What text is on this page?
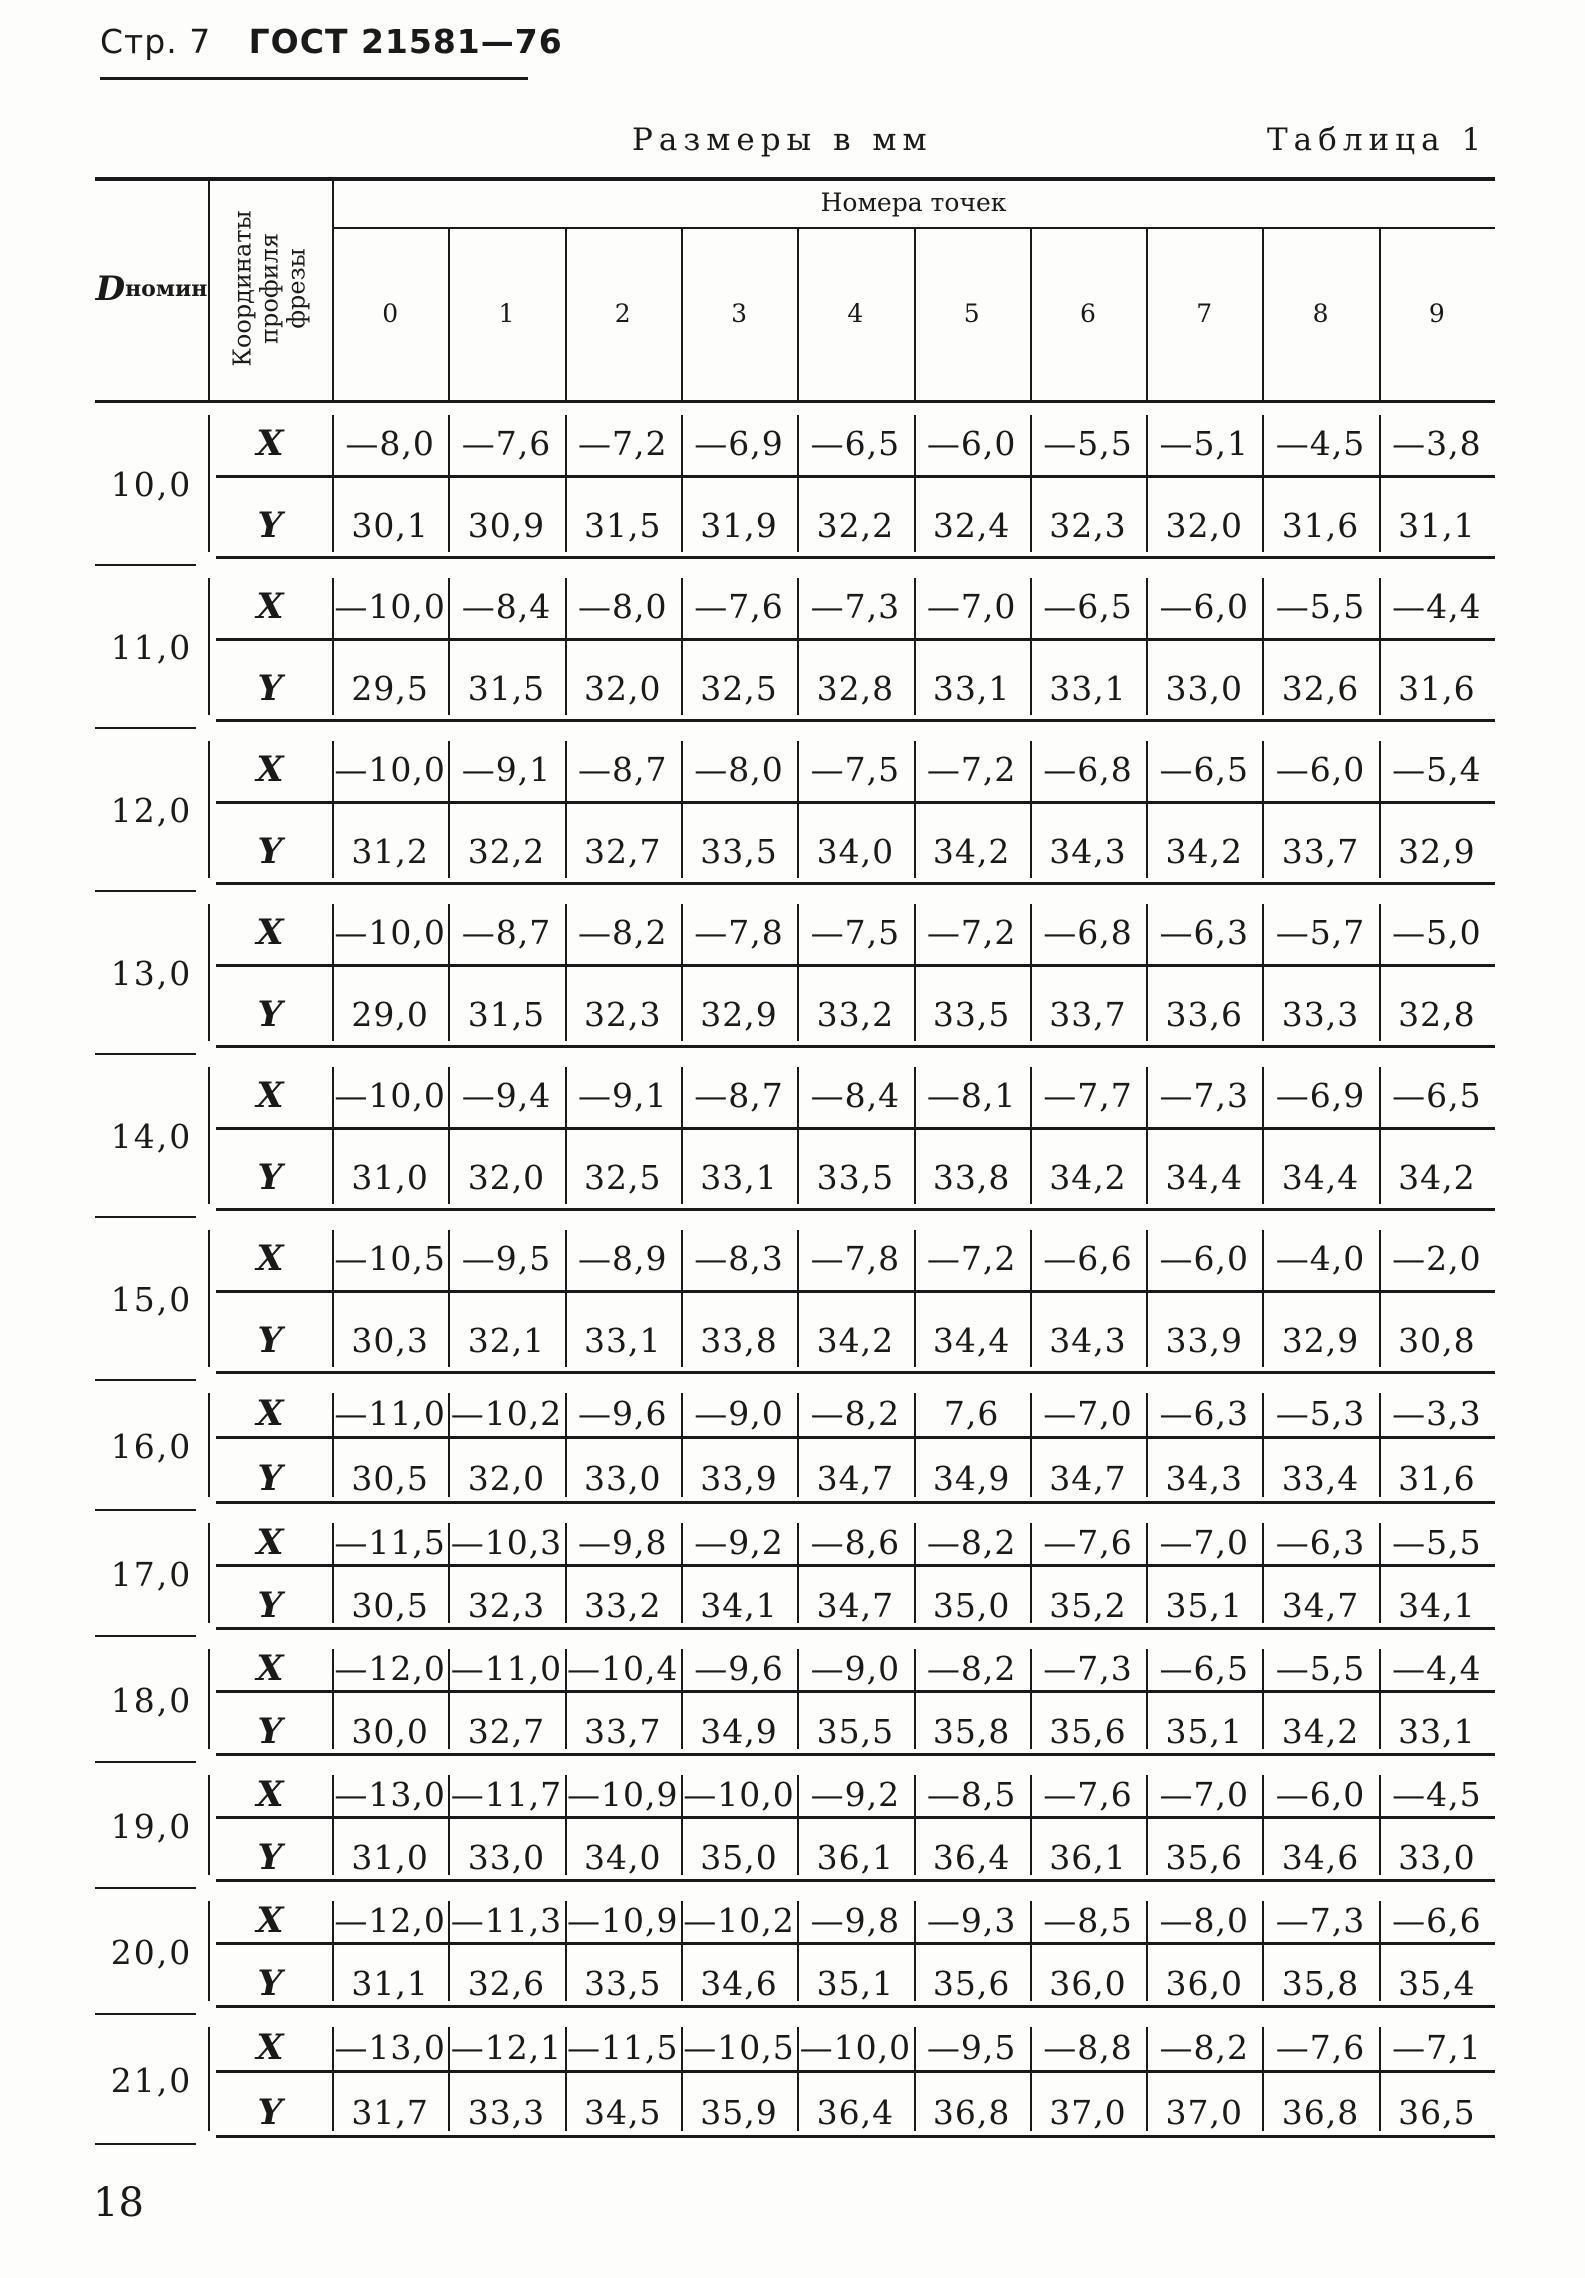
Стр. 7 ГОСТ 21581—76
Размеры в мм	Таблица 1
D номин Координаты профиля фрезы
Номера точек
0	1	2	3	4	5	6	7	8	9
10,0
X	—8,0 —7,6 —7,2 —6,9 —6,5 —6,0 —5,5 —5,1 —4,5 —3,8
Y	30,1	30,9	31,5	31,9	32,2	32,4	32,3	32,0	31,6	31,1
11,0
X	—10,0 —8,4 —8,0 —7,6 —7,3 —7,0 —6,5 —6,0 —5,5 —4,4
Y	29,5	31,5	32,0	32,5	32,8	33,1	33,1	33,0	32,6	31,6
12,0
X	—10,0 —9,1 —8,7 —8,0 —7,5 —7,2 —6,8 —6,5 —6,0 —5,4
Y	31,2	32,2	32,7	33,5	34,0	34,2	34,3	34,2	33,7	32,9
13,0
X	—10,0 —8,7 —8,2 —7,8 —7,5 —7,2 —6,8 —6,3 —5,7 —5,0
Y	29,0	31,5	32,3	32,9	33,2	33,5	33,7	33,6	33,3	32,8
14,0
X	—10,0 —9,4 —9,1 —8,7 —8,4 —8,1 —7,7 —7,3 —6,9 —6,5
Y	31,0	32,0	32,5	33,1	33,5	33,8	34,2	34,4	34,4	34,2
15,0
X	—10,5 —9,5 —8,9 —8,3 —7,8 —7,2 —6,6 —6,0 —4,0 —2,0
Y	30,3	32,1	33,1	33,8	34,2	34,4	34,3	33,9	32,9	30,8
16,0
X	—11,0 —10,2 —9,6 —9,0 —8,2	7,6	—7,0 —6,3 —5,3 —3,3
Y	30,5	32,0	33,0	33,9	34,7	34,9	34,7	34,3	33,4	31,6
17,0
X	—11,5 —10,3 —9,8 —9,2 —8,6 —8,2 —7,6 —7,0 —6,3 —5,5
Y	30,5	32,3	33,2	34,1	34,7	35,0	35,2	35,1	34,7	34,1
18,0
X	—12,0 —11,0 —10,4 —9,6 —9,0 —8,2 —7,3 —6,5 —5,5 —4,4
Y	30,0	32,7	33,7	34,9	35,5	35,8	35,6	35,1	34,2	33,1
19,0
X	—13,0 —11,7 —10,9 —10,0 —9,2 —8,5 —7,6 —7,0 —6,0 —4,5
Y	31,0	33,0	34,0	35,0	36,1	36,4	36,1	35,6	34,6	33,0
20,0
X	—12,0 —11,3 —10,9 —10,2 —9,8 —9,3 —8,5 —8,0 —7,3 —6,6
Y	31,1	32,6	33,5	34,6	35,1	35,6	36,0	36,0	35,8	35,4
21,0
X	—13,0 —12,1 —11,5 —10,5 —10,0 —9,5 —8,8 —8,2 —7,6 —7,1
Y	31,7	33,3	34,5	35,9	36,4	36,8	37,0	37,0	36,8	36,5
18
